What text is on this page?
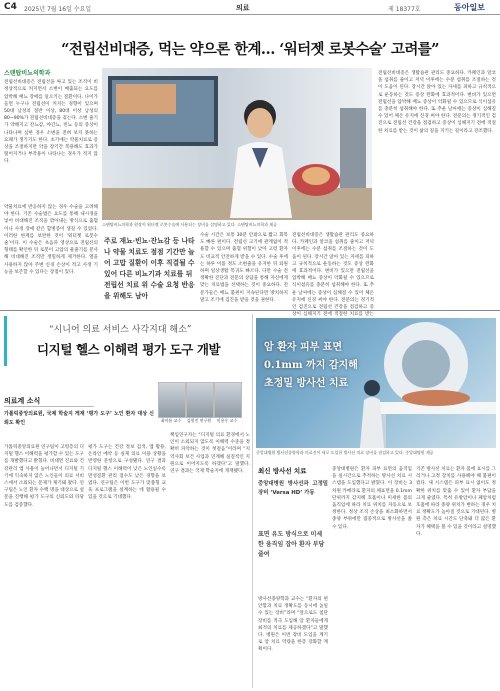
C4 2025년 7월 16일 수요일	의료	제 18377호	동아일보
“전립선비대증, 먹는 약으론 한계… ‘워터젯 로봇수술’ 고려를”
스탠탑비뇨의학과 원장이 워터젯 로봇수술에 사용되는 장비를 설명하고 있다. 스탠탑비뇨의학과 제공
스탠탑비뇨의학과
전립선비대증은 전립선을 싸고 있는 조직이 비정상적으로 커지면서 소변이 배출되는 요도를 압박해 배뇨 장애를 일으키는 질환이다. 나이가 들면 누구나 전립선이 커지는 경향이 있으며 50대 남성의 절반 이상, 80대 이상 남성의 80~90%가 전립선비대증을 겪는다. 소변 줄기가 약해지고 잔뇨감, 야간뇨, 빈뇨 등의 증상이 나타나며 심한 경우 소변을 전혀 보지 못하는 요폐가 생기기도 한다. 초기에는 약물치료로 증상을 조절하지만 약을 장기간 복용해도 효과가 떨어지거나 부작용이 나타나는 경우가 적지 않다.
약물치료에 반응하지 않는 경우 수술을 고려해야 한다. 기존 수술법은 요도를 통해 내시경을 넣어 비대해진 조직을 깎아내는 방식으로 출혈이나 사정 장애 같은 합병증이 생길 수 있었다. 이러한 한계를 보완한 것이 ‘워터젯 로봇수술’이다. 이 수술은 초음파 영상으로 전립선의 형태를 확인한 뒤 로봇이 고압의 물줄기를 분사해 비대해진 조직만 정밀하게 제거한다. 열을 사용하지 않아 주변 신경 손상이 적고 사정 기능을 보존할 수 있다는 장점이 있다.
주로 재뇨·빈뇨·잔뇨감 등 나타나 약물 치료도 점점 기간만 늘어 고맙 질환이 이후 직결될 수 있어 다른 비뇨기과 치료를 뒤 전립선 치료 위 수술 요청 반응을 위해도 남아
수술 시간은 보통 30분 안팎으로 짧고 회복도 빠른 편이다. 전립선 크기에 관계없이 적용할 수 있으며 출혈 위험이 낮아 고령 환자도 비교적 안전하게 받을 수 있다. 수술 후에는 하루 이틀 정도 소변줄을 유지한 뒤 퇴원하며 일상생활 복귀도 빠르다. 다만 수술 전 정확한 진단과 전문의 상담을 통해 자신에게 맞는 치료법을 선택하는 것이 중요하다. 전문가들은 배뇨 불편이 지속된다면 방치하지 말고 조기에 검진을 받을 것을 권한다.
전립선비대증은 생활습관 관리도 중요하다. 카페인과 알코올 섭취를 줄이고 저녁 이후에는 수분 섭취를 조절하는 것이 도움이 된다. 장시간 앉아 있는 자세를 피하고 규칙적으로 운동하는 것도 증상 완화에 효과적이다. 변비가 있으면 전립선을 압박해 배뇨 증상이 악화될 수 있으므로 식이섬유를 충분히 섭취해야 한다. 또 추운 날씨에는 증상이 심해질 수 있어 체온 유지에 신경 써야 한다. 전문의는 정기적인 검진으로 전립선 건강을 점검하고 증상이 심해지기 전에 적절한 치료를 받는
전립선비대증은 생활습관 관리도 중요하다. 카페인과 알코올 섭취를 줄이고 저녁 이후에는 수분 섭취를 조절하는 것이 도움이 된다. 장시간 앉아 있는 자세를 피하고 규칙적으로 운동하는 것도 증상 완화에 효과적이다. 변비가 있으면 전립선을 압박해 배뇨 증상이 악화될 수 있으므로 식이섬유를 충분히 섭취해야 한다. 또 추운 날씨에는 증상이 심해질 수 있어 체온 유지에 신경 써야 한다. 전문의는 정기적인 검진으로 전립선 건강을 점검하고 증상이 심해지기 전에 적절한 치료를 받는 것이 삶의 질을 지키는 길이라고 강조했다.
“시니어 의료 서비스 사각지대 해소”
디지털 헬스 이해력 평가 도구 개발
의료계 소식
가톨릭중앙의료원, 국제 학술지 게재 ‘평가 도구’ 노인 환자 대상 신뢰도 확인	최아름 교수	김원진 연구원	이용우 교수
가톨릭중앙의료원 연구팀이 고령층의 디지털 헬스 이해력을 평가할 수 있는 도구를 개발했다고 밝혔다. 비대면 진료와 건강관리 앱 사용이 늘어나면서 디지털 기기에 익숙하지 않은 노인들이 의료 서비스에서 소외되는 문제가 제기돼 왔다. 연구팀은 노인 환자 수백 명을 대상으로 설문을 진행해 평가 도구의 신뢰도와 타당도를 검증했다.
평가 도구는 건강 정보 검색, 앱 활용, 온라인 예약 등 실제 의료 이용 상황을 반영한 문항으로 구성됐다. 연구 결과 디지털 헬스 이해력이 낮은 노인일수록 만성질환 관리 점수도 낮은 경향을 보였다. 연구팀은 이번 도구가 맞춤형 교육 프로그램을 설계하는 데 활용될 수 있을 것으로 기대했다.
책임연구자는 “디지털 의료 환경에서 노인이 소외되지 않도록 이해력 수준을 정확히 파악하는 것이 첫걸음”이라며 “지역사회 보건 사업과 연계해 실질적인 지원으로 이어지도록 하겠다”고 말했다. 연구 결과는 국제 학술지에 게재됐다.
암 환자 피부 표면
0.1mm 까지 감지해
초정밀 방사선 치료
중앙대병원 방사선종양학과 의료진이 새로 도입한 방사선 치료 장비를 점검하고 있다. 중앙대병원 제공
최신 방사선 치료
중앙대병원 방사선과 고정밀 장비 ‘Versa HD’ 가동
표면 유도 방식으로 미세한 움직임 잡아 환자 부담 줄여
중앙대병원은 환자 피부 표면의 움직임을 실시간으로 추적하는 방사선 치료 시스템을 도입했다고 밝혔다. 이 장비는 3차원 카메라로 환자의 체표면을 0.1mm 단위까지 감지해 호흡이나 미세한 몸의 움직임에 따라 치료 위치를 자동으로 보정한다. 정상 조직 손상을 최소화하면서 종양 부위에만 집중적으로 방사선을 쏠 수 있다.
기존 방사선 치료는 환자 몸에 표시를 그리거나 고정 장치를 사용해야 해 불편이 컸다. 새 시스템은 피부 표시 없이도 정확한 위치를 맞출 수 있어 환자 부담을 크게 줄였다. 특히 유방암이나 폐암처럼 호흡에 따라 종양 위치가 변하는 경우 치료 정확도가 높아질 것으로 기대된다. 병원 측은 치료 시간도 단축돼 더 많은 환자가 혜택을 볼 수 있을 것이라고 설명했다.
방사선종양학과 교수는 “환자의 편안함과 치료 정확도를 동시에 높일 수 있는 장비”라며 “앞으로도 첨단 장비를 적극 도입해 암 환자들에게 최적의 치료를 제공하겠다”고 말했다. 병원은 이번 장비 도입을 계기로 암 치료 역량을 한층 강화할 계획이다.
